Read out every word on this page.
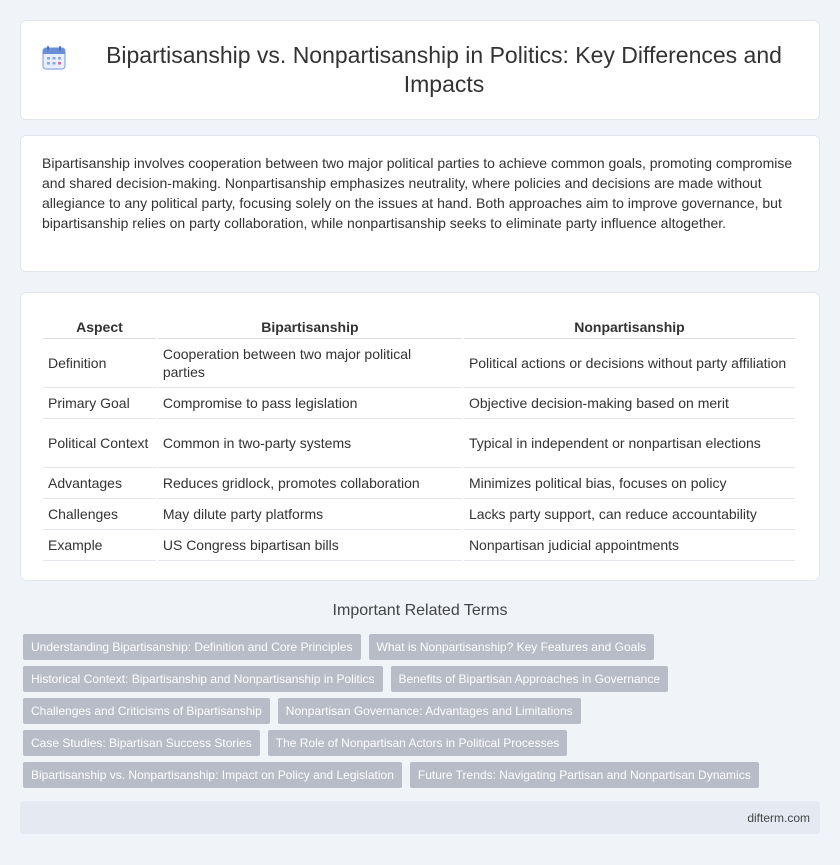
Bipartisanship vs. Nonpartisanship in Politics: Key Differences and Impacts

Bipartisanship involves cooperation between two major political parties to achieve common goals, promoting compromise and shared decision-making. Nonpartisanship emphasizes neutrality, where policies and decisions are made without allegiance to any political party, focusing solely on the issues at hand. Both approaches aim to improve governance, but bipartisanship relies on party collaboration, while nonpartisanship seeks to eliminate party influence altogether.

Aspect	Bipartisanship	Nonpartisanship
Definition	Cooperation between two major political parties	Political actions or decisions without party affiliation
Primary Goal	Compromise to pass legislation	Objective decision-making based on merit
Political Context	Common in two-party systems	Typical in independent or nonpartisan elections
Advantages	Reduces gridlock, promotes collaboration	Minimizes political bias, focuses on policy
Challenges	May dilute party platforms	Lacks party support, can reduce accountability
Example	US Congress bipartisan bills	Nonpartisan judicial appointments
Important Related Terms
Understanding Bipartisanship: Definition and Core Principles	What is Nonpartisanship? Key Features and Goals
Historical Context: Bipartisanship and Nonpartisanship in Politics	Benefits of Bipartisan Approaches in Governance
Challenges and Criticisms of Bipartisanship	Nonpartisan Governance: Advantages and Limitations
Case Studies: Bipartisan Success Stories	The Role of Nonpartisan Actors in Political Processes
Bipartisanship vs. Nonpartisanship: Impact on Policy and Legislation	Future Trends: Navigating Partisan and Nonpartisan Dynamics
difterm.com
